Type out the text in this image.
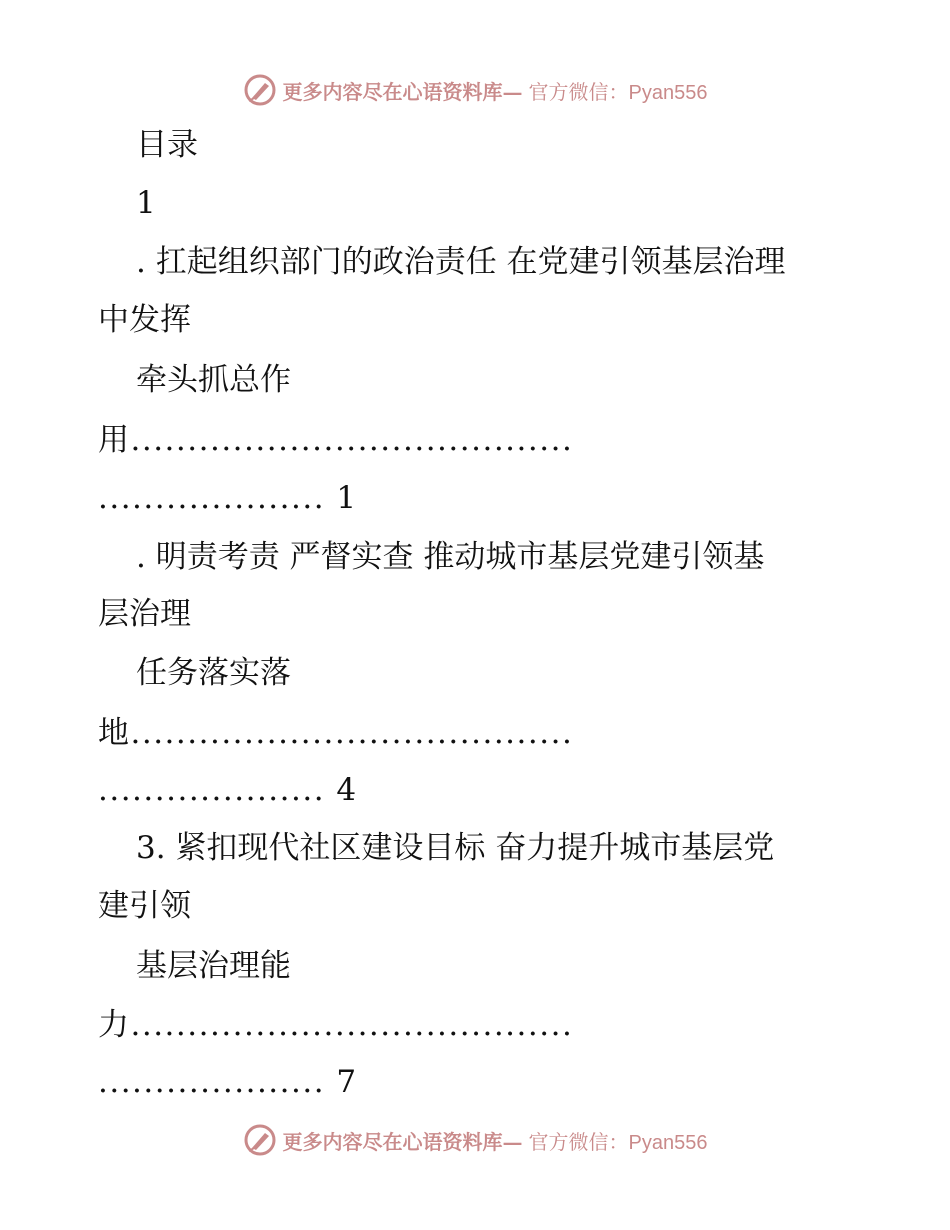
更多内容尽在心语资料库— 官方微信：Pyan556
目录
1
. 扛起组织部门的政治责任 在党建引领基层治理
中发挥
牵头抓总作
用.......................................
.................... 1
. 明责考责 严督实查 推动城市基层党建引领基
层治理
任务落实落
地.......................................
.................... 4
3. 紧扣现代社区建设目标 奋力提升城市基层党
建引领
基层治理能
力.......................................
.................... 7
更多内容尽在心语资料库— 官方微信：Pyan556
